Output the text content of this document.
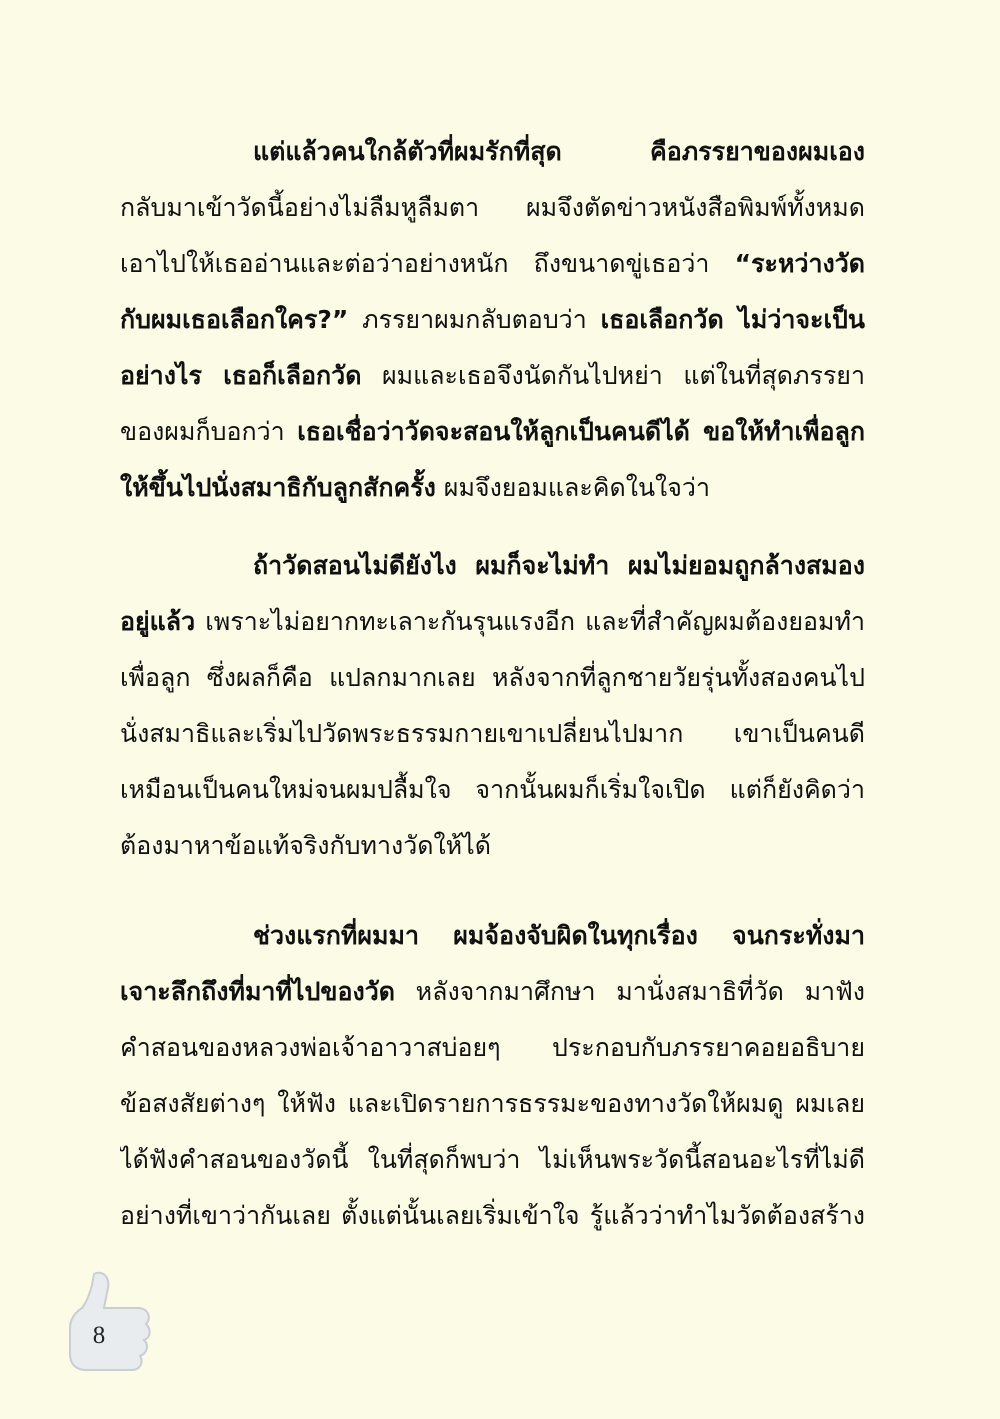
แต่แล้วคนใกล้ตัวที่ผมรักที่สุด คือภรรยาของผมเอง
กลับมาเข้าวัดนี้อย่างไม่ลืมหูลืมตา ผมจึงตัดข่าวหนังสือพิมพ์ทั้งหมด
เอาไปให้เธออ่านและต่อว่าอย่างหนัก ถึงขนาดขู่เธอว่า “ระหว่างวัด
กับผมเธอเลือกใคร?” ภรรยาผมกลับตอบว่า เธอเลือกวัด ไม่ว่าจะเป็น
อย่างไร เธอก็เลือกวัด ผมและเธอจึงนัดกันไปหย่า แต่ในที่สุดภรรยา
ของผมก็บอกว่า เธอเชื่อว่าวัดจะสอนให้ลูกเป็นคนดีได้ ขอให้ทำเพื่อลูก
ให้ขึ้นไปนั่งสมาธิกับลูกสักครั้ง ผมจึงยอมและคิดในใจว่า
ถ้าวัดสอนไม่ดียังไง ผมก็จะไม่ทำ ผมไม่ยอมถูกล้างสมอง
อยู่แล้ว เพราะไม่อยากทะเลาะกันรุนแรงอีก และที่สำคัญผมต้องยอมทำ
เพื่อลูก ซึ่งผลก็คือ แปลกมากเลย หลังจากที่ลูกชายวัยรุ่นทั้งสองคนไป
นั่งสมาธิและเริ่มไปวัดพระธรรมกายเขาเปลี่ยนไปมาก เขาเป็นคนดี
เหมือนเป็นคนใหม่จนผมปลื้มใจ จากนั้นผมก็เริ่มใจเปิด แต่ก็ยังคิดว่า
ต้องมาหาข้อแท้จริงกับทางวัดให้ได้
ช่วงแรกที่ผมมา ผมจ้องจับผิดในทุกเรื่อง จนกระทั่งมา
เจาะลึกถึงที่มาที่ไปของวัด หลังจากมาศึกษา มานั่งสมาธิที่วัด มาฟัง
คำสอนของหลวงพ่อเจ้าอาวาสบ่อยๆ ประกอบกับภรรยาคอยอธิบาย
ข้อสงสัยต่างๆ ให้ฟัง และเปิดรายการธรรมะของทางวัดให้ผมดู ผมเลย
ได้ฟังคำสอนของวัดนี้ ในที่สุดก็พบว่า ไม่เห็นพระวัดนี้สอนอะไรที่ไม่ดี
อย่างที่เขาว่ากันเลย ตั้งแต่นั้นเลยเริ่มเข้าใจ รู้แล้วว่าทำไมวัดต้องสร้าง
8
